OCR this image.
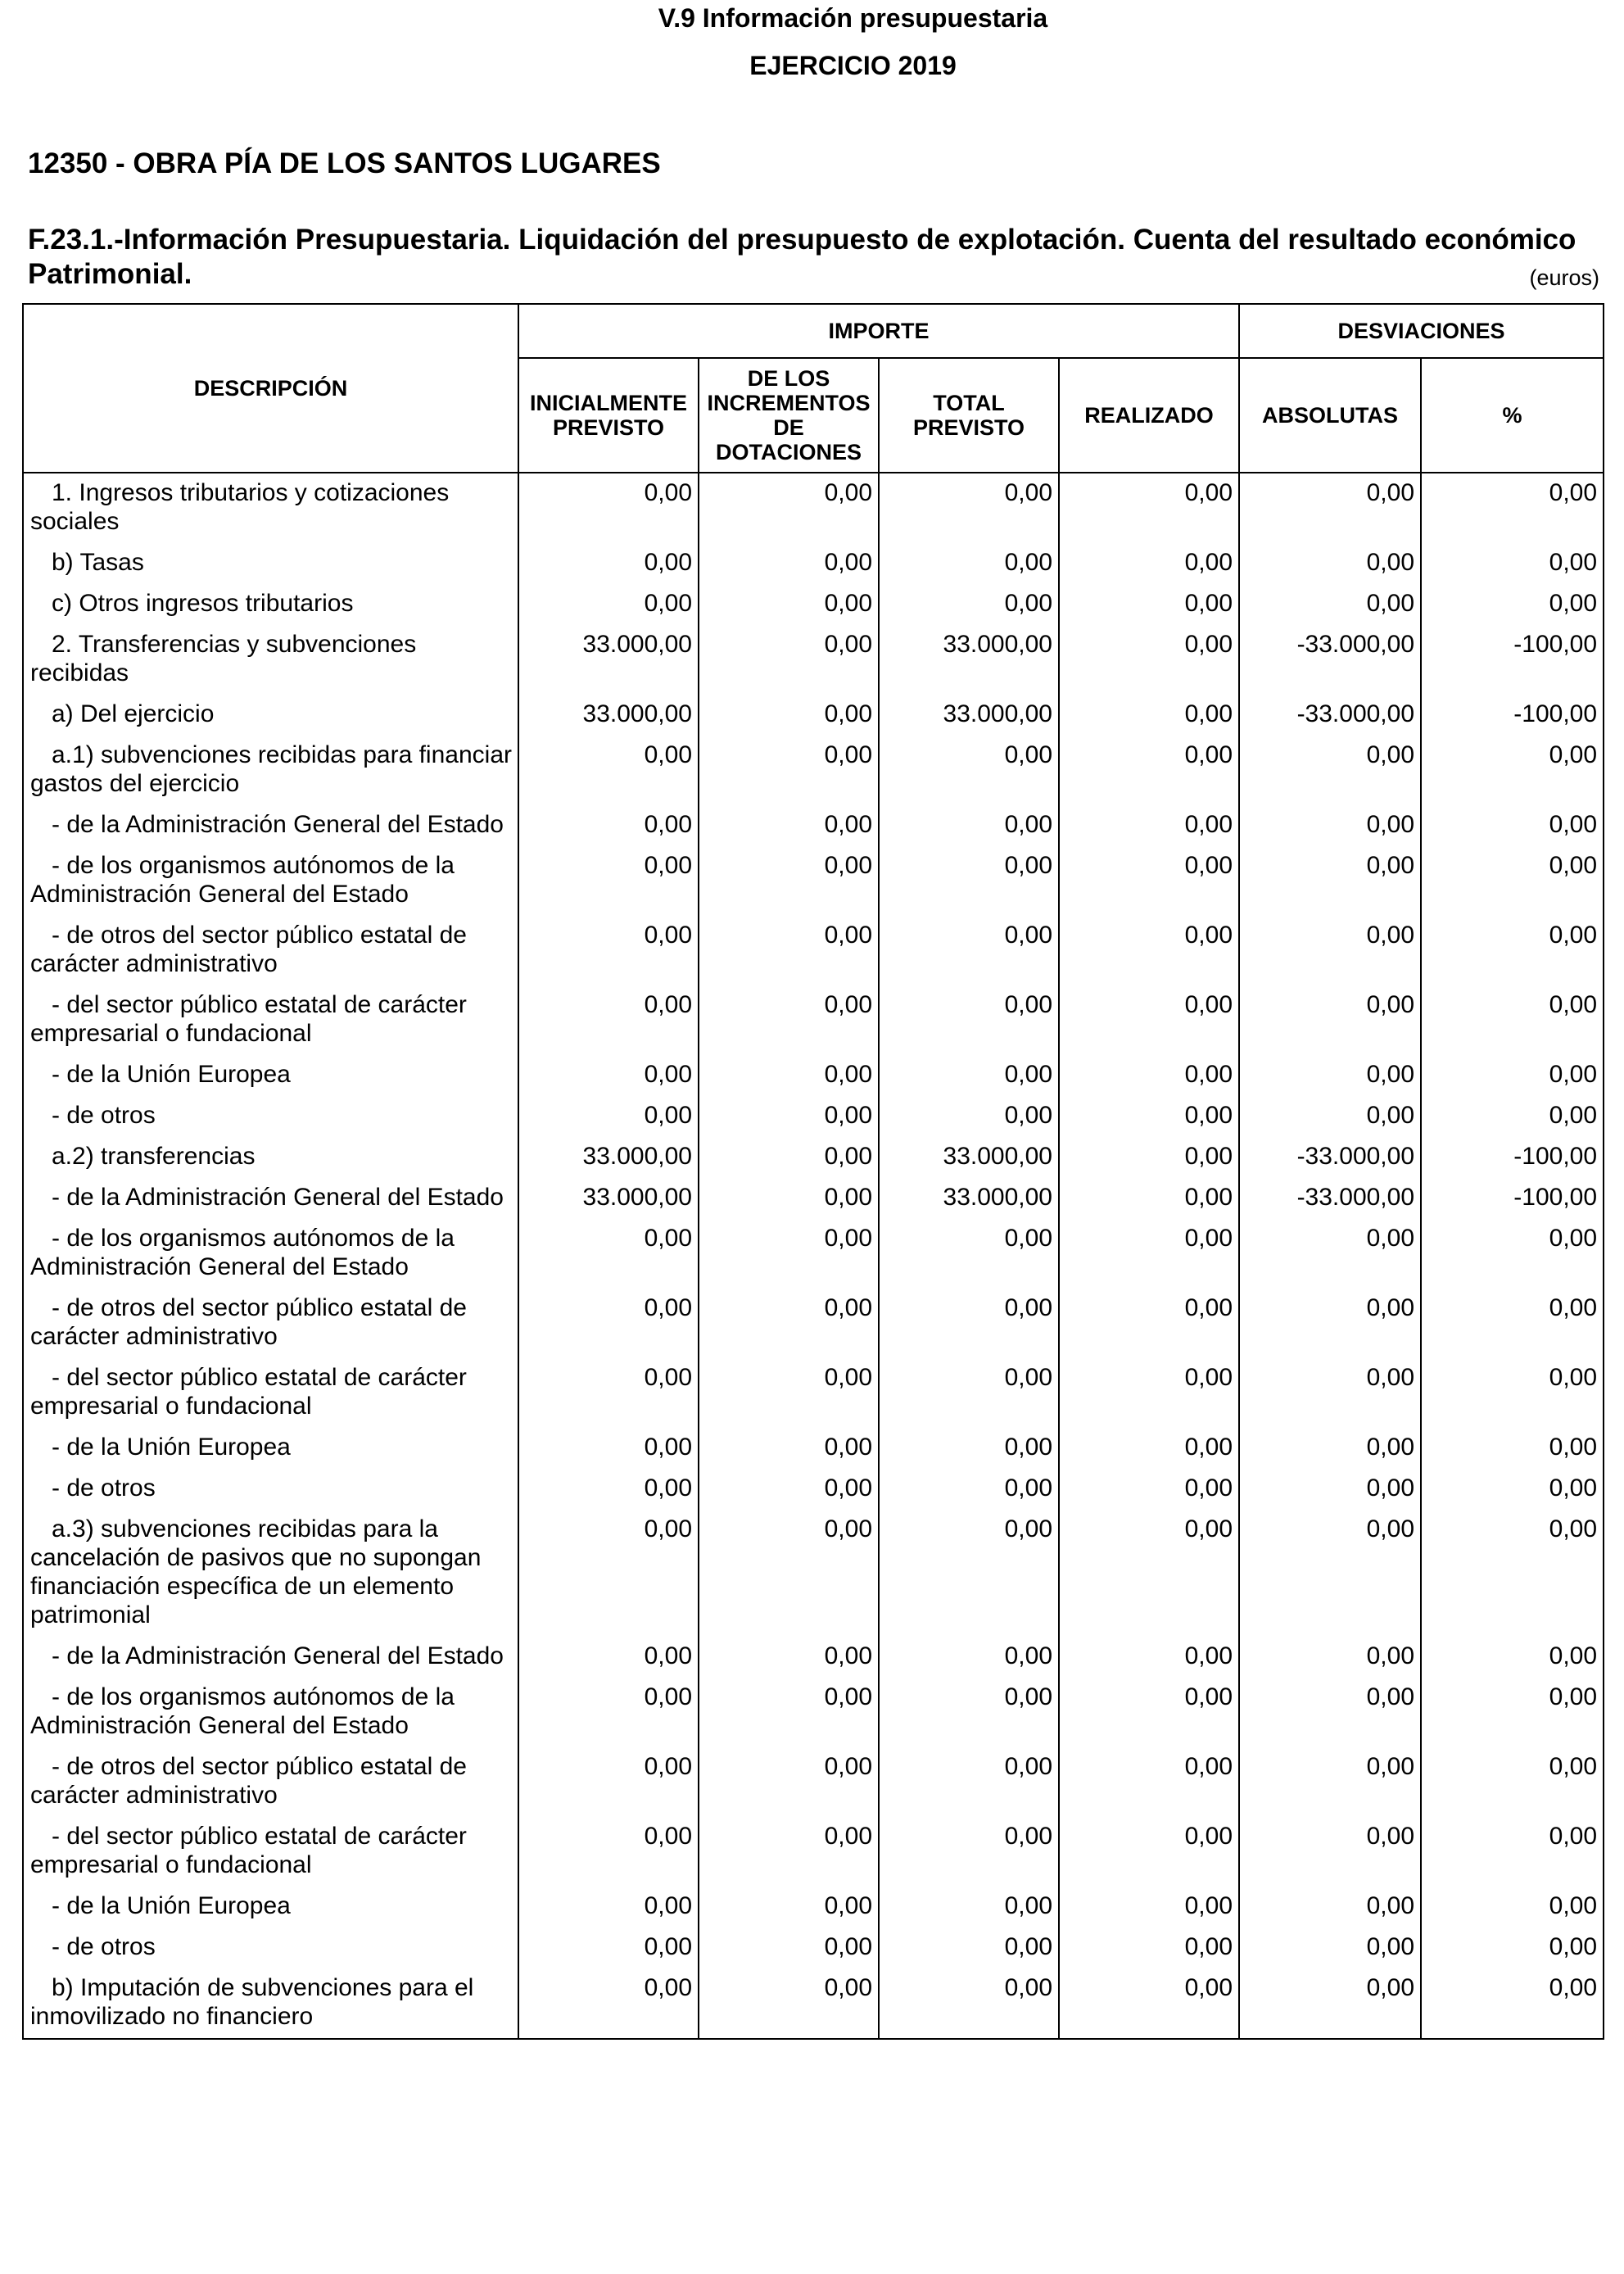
V.9 Información presupuestaria
EJERCICIO 2019
12350 - OBRA PÍA DE LOS SANTOS LUGARES
F.23.1.-Información Presupuestaria. Liquidación del presupuesto de explotación. Cuenta del resultado económico Patrimonial.	(euros)
DESCRIPCIÓN	IMPORTE				DESVIACIONES	
	INICIALMENTE PREVISTO	DE LOS INCREMENTOS DE DOTACIONES	TOTAL PREVISTO	REALIZADO	ABSOLUTAS	%
1. Ingresos tributarios y cotizaciones sociales	0,00	0,00	0,00	0,00	0,00	0,00
b) Tasas	0,00	0,00	0,00	0,00	0,00	0,00
c) Otros ingresos tributarios	0,00	0,00	0,00	0,00	0,00	0,00
2. Transferencias y subvenciones recibidas	33.000,00	0,00	33.000,00	0,00	-33.000,00	-100,00
a) Del ejercicio	33.000,00	0,00	33.000,00	0,00	-33.000,00	-100,00
a.1) subvenciones recibidas para financiar gastos del ejercicio	0,00	0,00	0,00	0,00	0,00	0,00
- de la Administración General del Estado	0,00	0,00	0,00	0,00	0,00	0,00
- de los organismos autónomos de la Administración General del Estado	0,00	0,00	0,00	0,00	0,00	0,00
- de otros del sector público estatal de carácter administrativo	0,00	0,00	0,00	0,00	0,00	0,00
- del sector público estatal de carácter empresarial o fundacional	0,00	0,00	0,00	0,00	0,00	0,00
- de la Unión Europea	0,00	0,00	0,00	0,00	0,00	0,00
- de otros	0,00	0,00	0,00	0,00	0,00	0,00
a.2) transferencias	33.000,00	0,00	33.000,00	0,00	-33.000,00	-100,00
- de la Administración General del Estado	33.000,00	0,00	33.000,00	0,00	-33.000,00	-100,00
- de los organismos autónomos de la Administración General del Estado	0,00	0,00	0,00	0,00	0,00	0,00
- de otros del sector público estatal de carácter administrativo	0,00	0,00	0,00	0,00	0,00	0,00
- del sector público estatal de carácter empresarial o fundacional	0,00	0,00	0,00	0,00	0,00	0,00
- de la Unión Europea	0,00	0,00	0,00	0,00	0,00	0,00
- de otros	0,00	0,00	0,00	0,00	0,00	0,00
a.3) subvenciones recibidas para la cancelación de pasivos que no supongan financiación específica de un elemento patrimonial	0,00	0,00	0,00	0,00	0,00	0,00
- de la Administración General del Estado	0,00	0,00	0,00	0,00	0,00	0,00
- de los organismos autónomos de la Administración General del Estado	0,00	0,00	0,00	0,00	0,00	0,00
- de otros del sector público estatal de carácter administrativo	0,00	0,00	0,00	0,00	0,00	0,00
- del sector público estatal de carácter empresarial o fundacional	0,00	0,00	0,00	0,00	0,00	0,00
- de la Unión Europea	0,00	0,00	0,00	0,00	0,00	0,00
- de otros	0,00	0,00	0,00	0,00	0,00	0,00
b) Imputación de subvenciones para el inmovilizado no financiero	0,00	0,00	0,00	0,00	0,00	0,00
